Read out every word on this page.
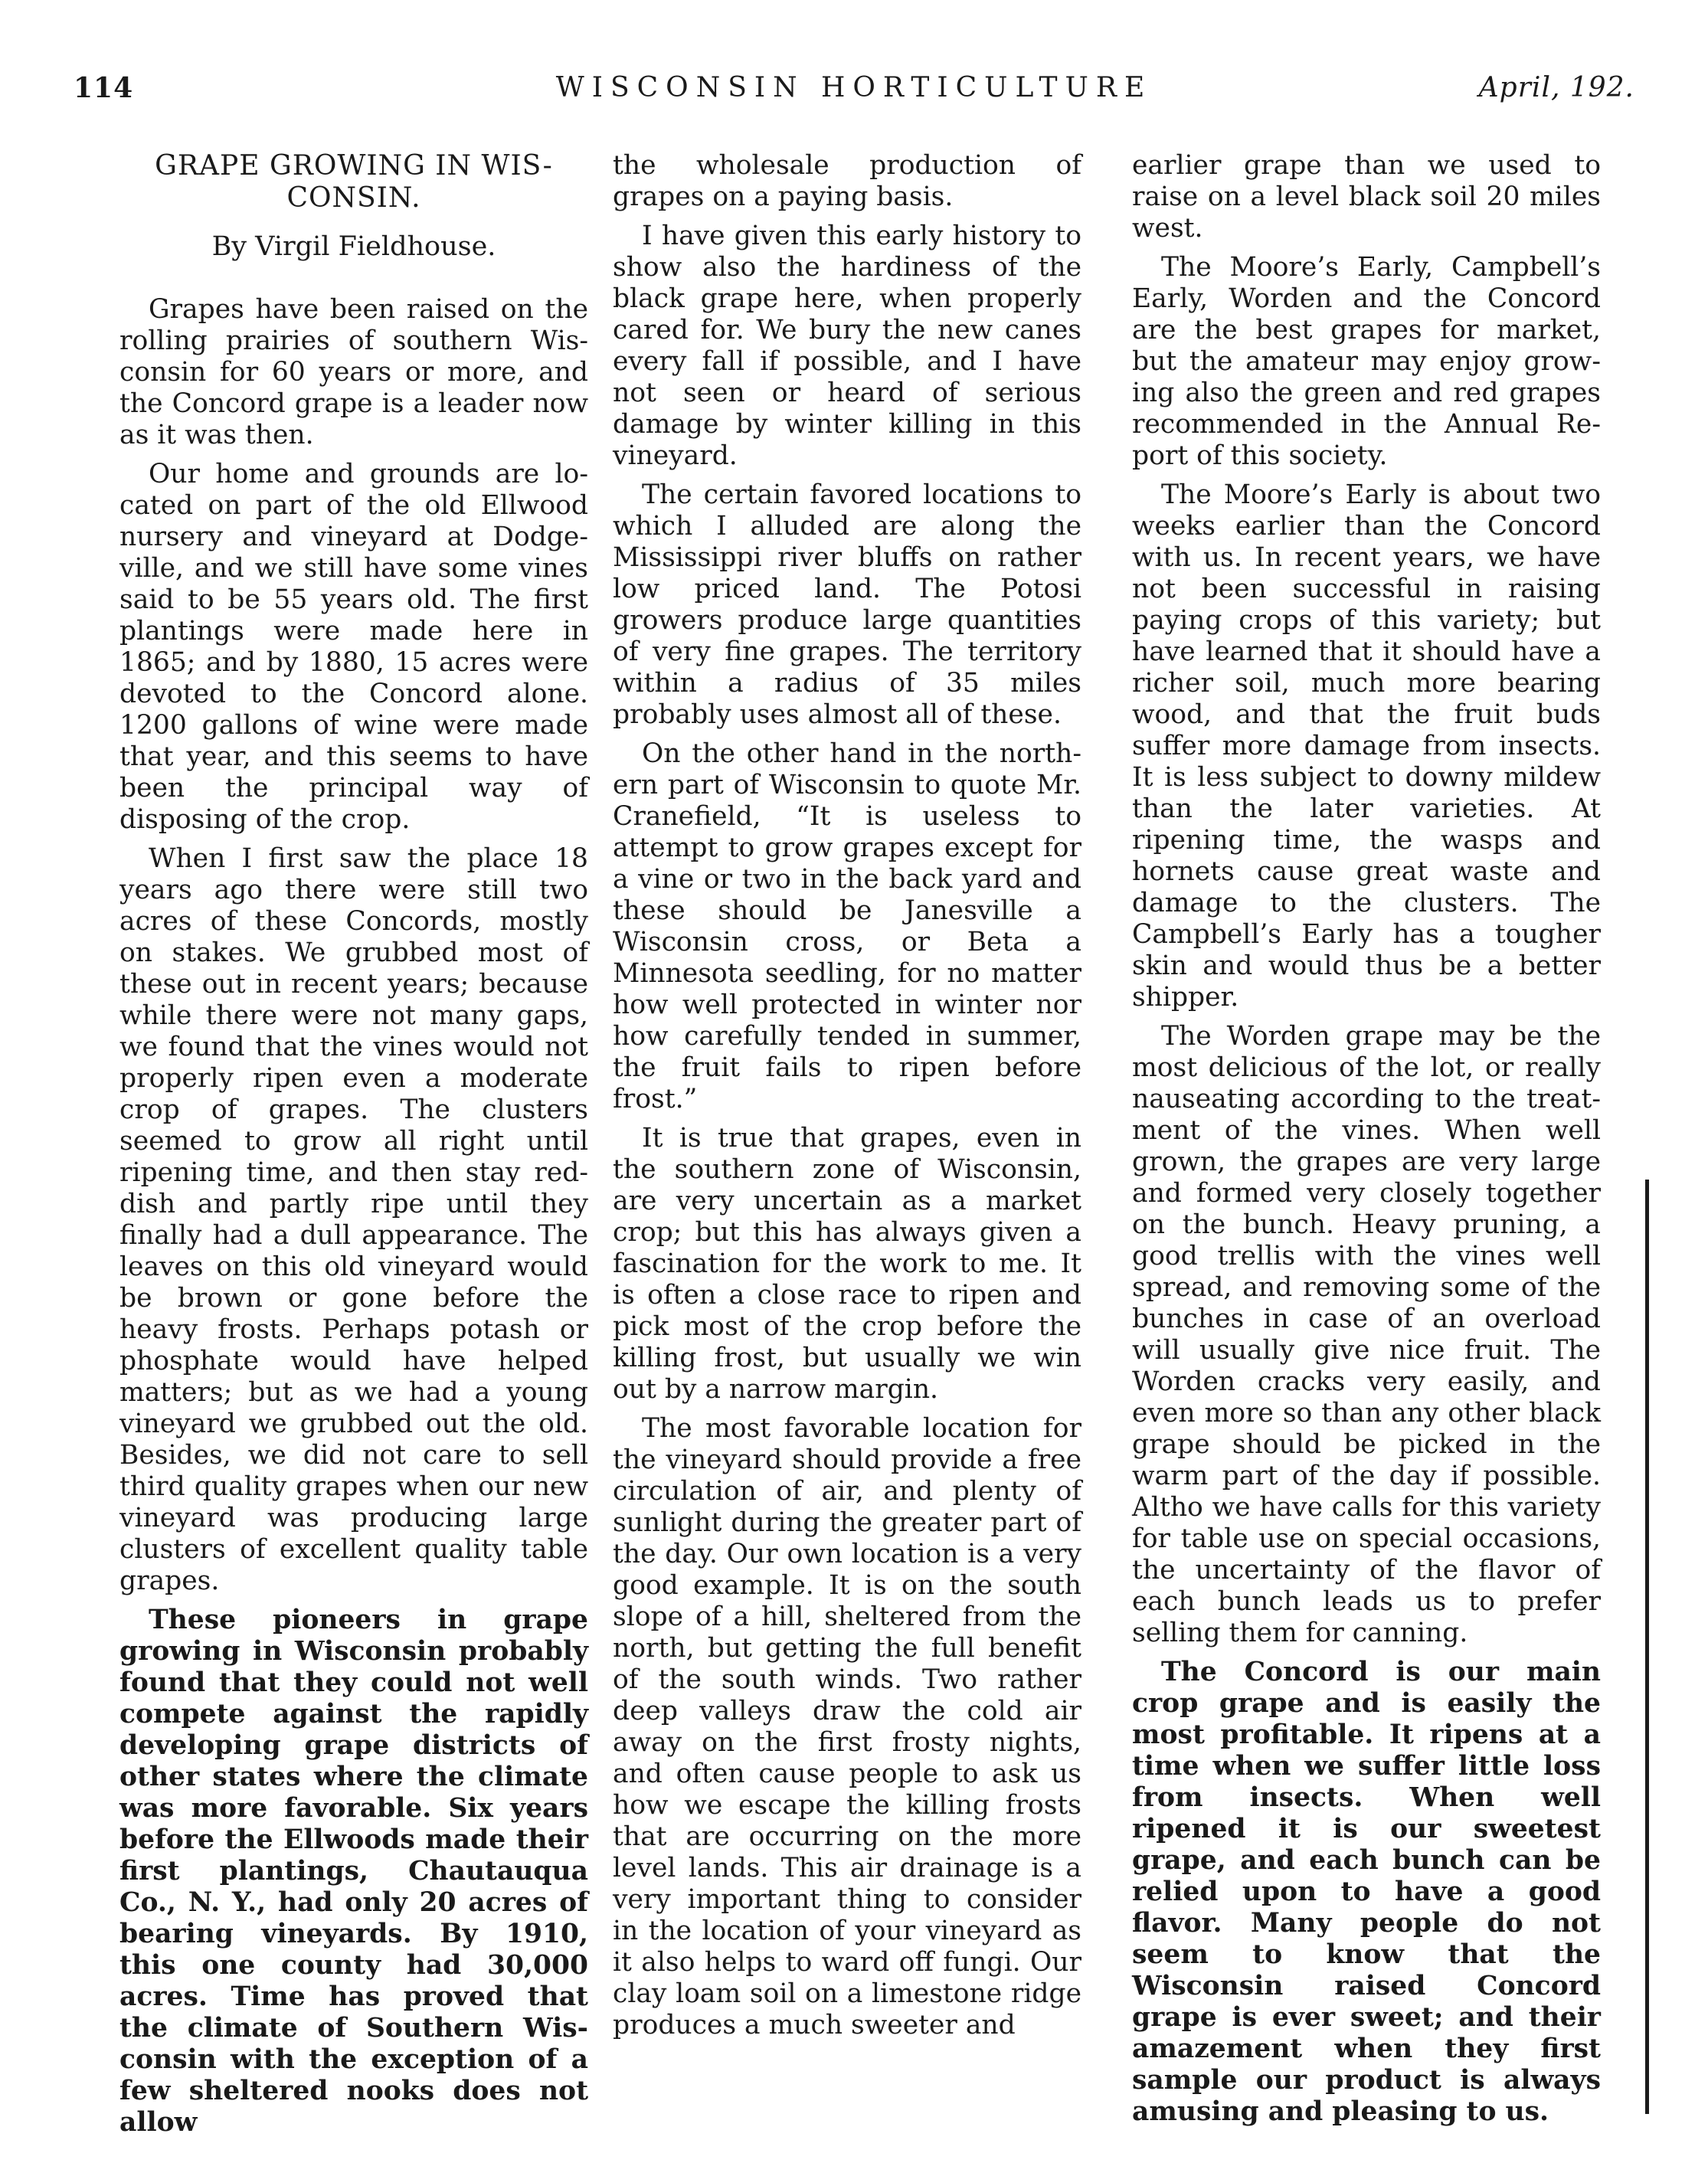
114	WISCONSIN HORTICULTURE	April, 192.
GRAPE GROWING IN WIS- CONSIN.
By Virgil Fieldhouse.

Grapes have been raised on the rolling prairies of southern Wisconsin for 60 years or more, and the Concord grape is a leader now as it was then.

Our home and grounds are located on part of the old Ellwood nursery and vineyard at Dodgeville, and we still have some vines said to be 55 years old. The first plantings were made here in 1865; and by 1880, 15 acres were devoted to the Concord alone. 1200 gallons of wine were made that year, and this seems to have been the principal way of disposing of the crop.

When I first saw the place 18 years ago there were still two acres of these Concords, mostly on stakes. We grubbed most of these out in recent years; because while there were not many gaps, we found that the vines would not properly ripen even a moderate crop of grapes. The clusters seemed to grow all right until ripening time, and then stay reddish and partly ripe until they finally had a dull appearance. The leaves on this old vineyard would be brown or gone before the heavy frosts. Perhaps potash or phosphate would have helped matters; but as we had a young vineyard we grubbed out the old. Besides, we did not care to sell third quality grapes when our new vineyard was producing large clusters of excellent quality table grapes.

These pioneers in grape growing in Wisconsin probably found that they could not well compete against the rapidly developing grape districts of other states where the climate was more favorable. Six years before the Ellwoods made their first plantings, Chautauqua Co., N. Y., had only 20 acres of bearing vineyards. By 1910, this one county had 30,000 acres. Time has proved that the climate of Southern Wisconsin with the exception of a few sheltered nooks does not allow

the wholesale production of grapes on a paying basis.

I have given this early history to show also the hardiness of the black grape here, when properly cared for. We bury the new canes every fall if possible, and I have not seen or heard of serious damage by winter killing in this vineyard.

The certain favored locations to which I alluded are along the Mississippi river bluffs on rather low priced land. The Potosi growers produce large quantities of very fine grapes. The territory within a radius of 35 miles probably uses almost all of these.

On the other hand in the northern part of Wisconsin to quote Mr. Cranefield, “It is useless to attempt to grow grapes except for a vine or two in the back yard and these should be Janesville a Wisconsin cross, or Beta a Minnesota seedling, for no matter how well protected in winter nor how carefully tended in summer, the fruit fails to ripen before frost.”

It is true that grapes, even in the southern zone of Wisconsin, are very uncertain as a market crop; but this has always given a fascination for the work to me. It is often a close race to ripen and pick most of the crop before the killing frost, but usually we win out by a narrow margin.

The most favorable location for the vineyard should provide a free circulation of air, and plenty of sunlight during the greater part of the day. Our own location is a very good example. It is on the south slope of a hill, sheltered from the north, but getting the full benefit of the south winds. Two rather deep valleys draw the cold air away on the first frosty nights, and often cause people to ask us how we escape the killing frosts that are occurring on the more level lands. This air drainage is a very important thing to consider in the location of your vineyard as it also helps to ward off fungi. Our clay loam soil on a limestone ridge produces a much sweeter and

earlier grape than we used to raise on a level black soil 20 miles west.

The Moore’s Early, Campbell’s Early, Worden and the Concord are the best grapes for market, but the amateur may enjoy growing also the green and red grapes recommended in the Annual Report of this society.

The Moore’s Early is about two weeks earlier than the Concord with us. In recent years, we have not been successful in raising paying crops of this variety; but have learned that it should have a richer soil, much more bearing wood, and that the fruit buds suffer more damage from insects. It is less subject to downy mildew than the later varieties. At ripening time, the wasps and hornets cause great waste and damage to the clusters. The Campbell’s Early has a tougher skin and would thus be a better shipper.

The Worden grape may be the most delicious of the lot, or really nauseating according to the treatment of the vines. When well grown, the grapes are very large and formed very closely together on the bunch. Heavy pruning, a good trellis with the vines well spread, and removing some of the bunches in case of an overload will usually give nice fruit. The Worden cracks very easily, and even more so than any other black grape should be picked in the warm part of the day if possible. Altho we have calls for this variety for table use on special occasions, the uncertainty of the flavor of each bunch leads us to prefer selling them for canning.

The Concord is our main crop grape and is easily the most profitable. It ripens at a time when we suffer little loss from insects. When well ripened it is our sweetest grape, and each bunch can be relied upon to have a good flavor. Many people do not seem to know that the Wisconsin raised Concord grape is ever sweet; and their amazement when they first sample our product is always amusing and pleasing to us.
